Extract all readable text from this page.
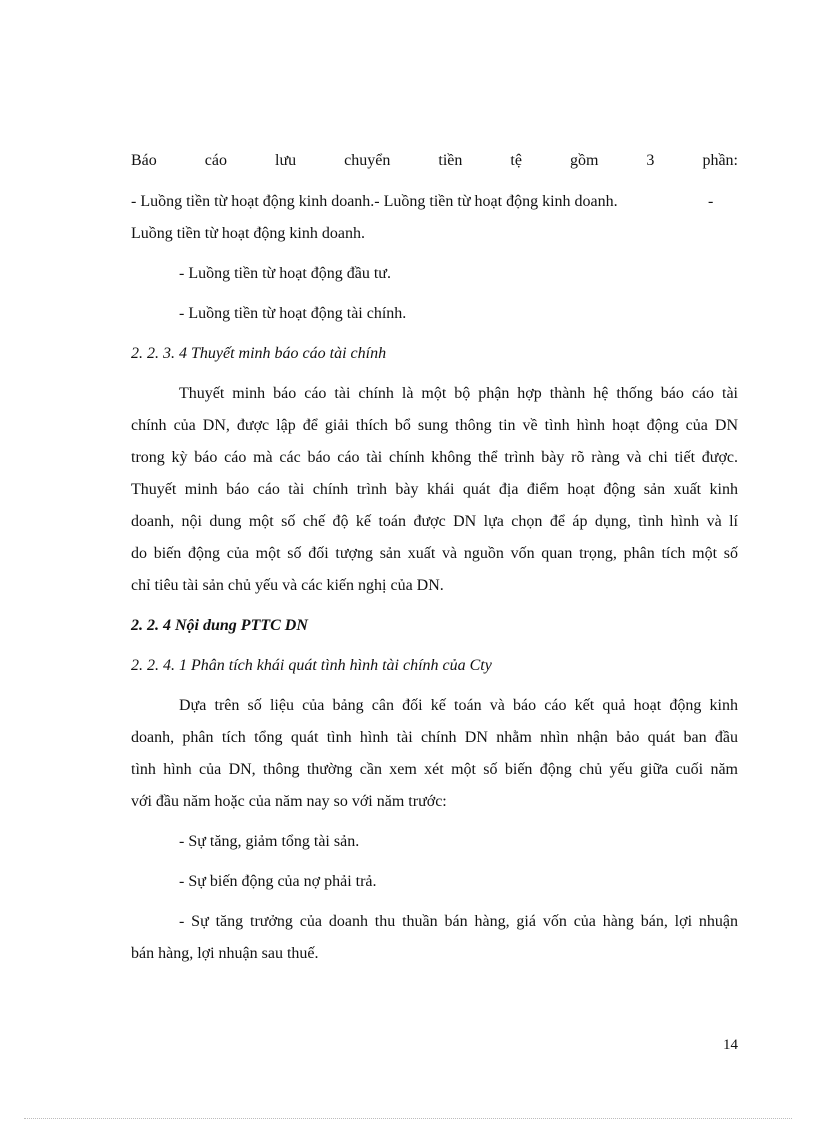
Báo	cáo	lưu	chuyển	tiền	tệ	gồm	3	phần:
- Luồng tiền từ hoạt động kinh doanh.- Luồng tiền từ hoạt động kinh doanh.	-
Luồng tiền từ hoạt động kinh doanh.
- Luồng tiền từ hoạt động đầu tư.
- Luồng tiền từ hoạt động tài chính.
2. 2. 3. 4 Thuyết minh báo cáo tài chính
Thuyết minh báo cáo tài chính là một bộ phận hợp thành hệ thống báo cáo tài
chính của DN, được lập để giải thích bổ sung thông tin về tình hình hoạt động của DN
trong kỳ báo cáo mà các báo cáo tài chính không thể trình bày rõ ràng và chi tiết được.
Thuyết minh báo cáo tài chính trình bày khái quát địa điểm hoạt động sản xuất kinh
doanh, nội dung một số chế độ kế toán được DN lựa chọn để áp dụng, tình hình và lí
do biến động của một số đối tượng sản xuất và nguồn vốn quan trọng, phân tích một số
chỉ tiêu tài sản chủ yếu và các kiến nghị của DN.
2. 2. 4 Nội dung PTTC DN
2. 2. 4. 1 Phân tích khái quát tình hình tài chính của Cty
Dựa trên số liệu của bảng cân đối kế toán và báo cáo kết quả hoạt động kinh
doanh, phân tích tổng quát tình hình tài chính DN nhằm nhìn nhận bảo quát ban đầu
tình hình của DN, thông thường cần xem xét một số biến động chủ yếu giữa cuối năm
với đầu năm hoặc của năm nay so với năm trước:
- Sự tăng, giảm tổng tài sản.
- Sự biến động của nợ phải trả.
- Sự tăng trưởng của doanh thu thuần bán hàng, giá vốn của hàng bán, lợi nhuận
bán hàng, lợi nhuận sau thuế.
14
